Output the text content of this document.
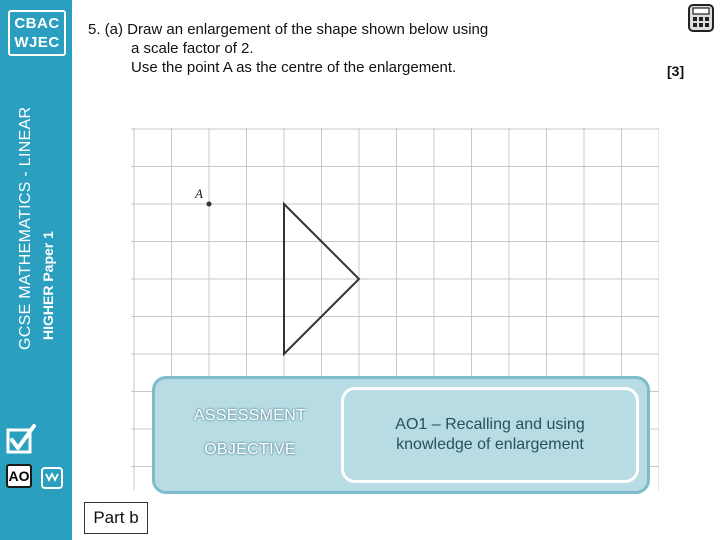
CBAC
WJEC
GCSE MATHEMATICS - LINEAR HIGHER Paper 1
AO
5. (a) Draw an enlargement of the shape shown below using
a scale factor of 2.
Use the point A as the centre of the enlargement.	[3]
A
ASSESSMENT
OBJECTIVE
AO1 – Recalling and using
knowledge of enlargement
Part b
